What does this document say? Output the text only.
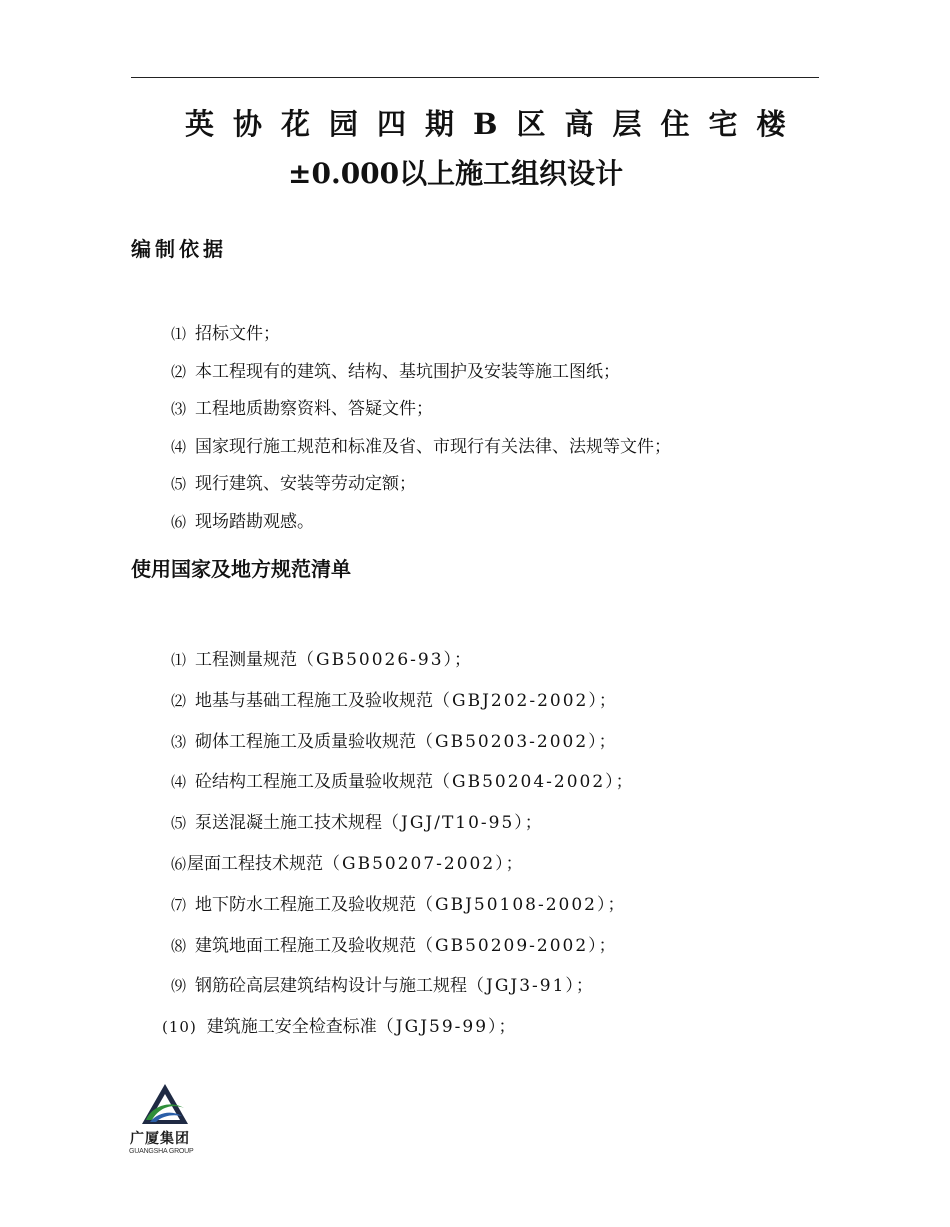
英协花园四期B区高层住宅楼
±0.000以上施工组织设计
编制依据
⑴ 招标文件；
⑵ 本工程现有的建筑、结构、基坑围护及安装等施工图纸；
⑶ 工程地质勘察资料、答疑文件；
⑷ 国家现行施工规范和标准及省、市现行有关法律、法规等文件；
⑸ 现行建筑、安装等劳动定额；
⑹ 现场踏勘观感。
使用国家及地方规范清单
⑴ 工程测量规范 （GB50026-93）；
⑵ 地基与基础工程施工及验收规范 （GBJ202-2002）；
⑶ 砌体工程施工及质量验收规范 （GB50203-2002）；
⑷ 砼结构工程施工及质量验收规范 （GB50204-2002）；
⑸ 泵送混凝土施工技术规程 （JGJ/T10-95）；
⑹ 屋面工程技术规范 （GB50207-2002）；
⑺ 地下防水工程施工及验收规范 （GBJ50108-2002）；
⑻ 建筑地面工程施工及验收规范 （GB50209-2002）；
⑼ 钢筋砼高层建筑结构设计与施工规程 （JGJ3-91）；
(10) 建筑施工安全检查标准 （JGJ59-99）；
广厦集团
GUANGSHA GROUP
